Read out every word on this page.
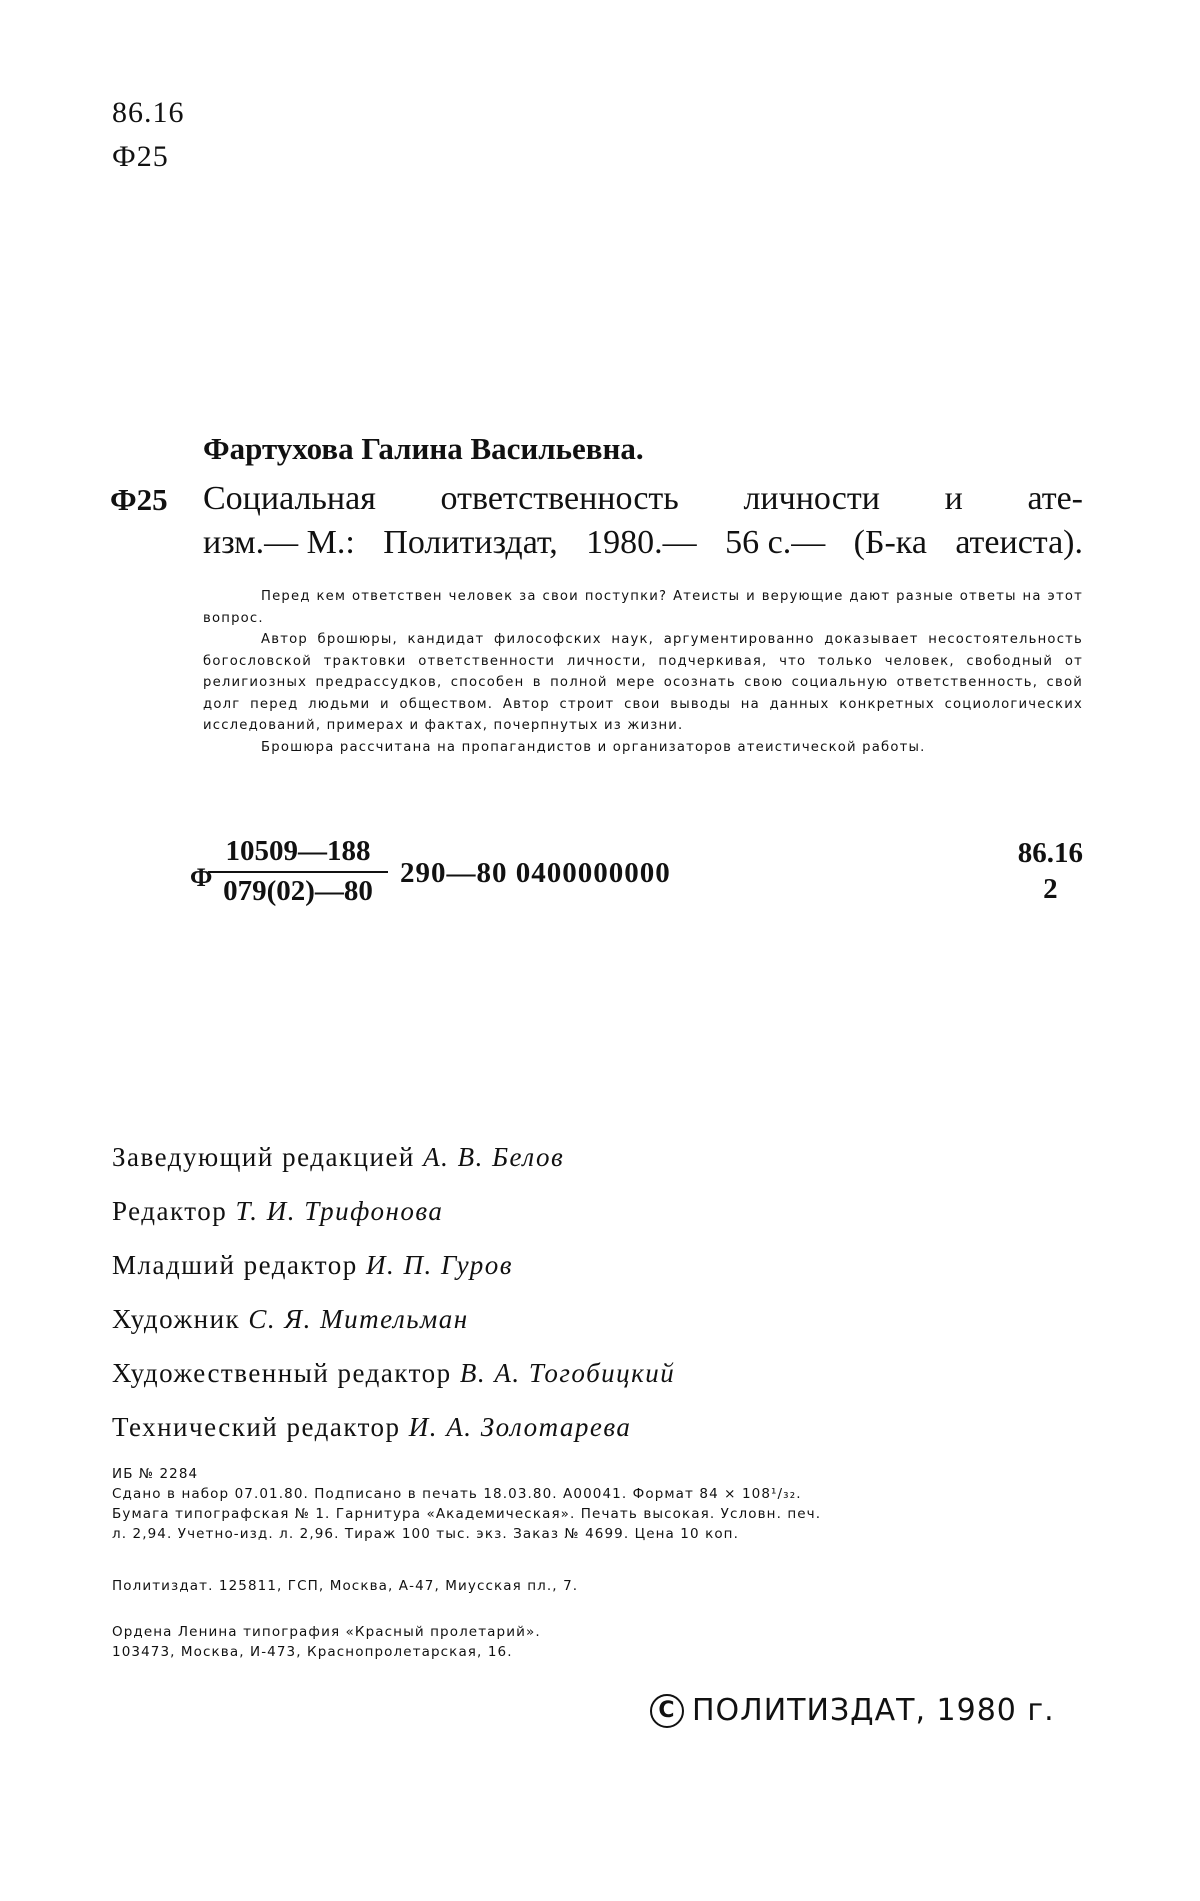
86.16
Ф25
Фартухова Галина Васильевна.
Ф25 Социальная ответственность личности и ате-
изм.— М.: Политиздат, 1980.— 56 с.— (Б-ка атеиста).

Перед кем ответствен человек за свои поступки? Атеисты и верующие дают разные ответы на этот вопрос.

Автор брошюры, кандидат философских наук, аргументированно доказывает несостоятельность богословской трактовки ответственности личности, подчеркивая, что только человек, свободный от религиозных предрассудков, способен в полной мере осознать свою социальную ответственность, свой долг перед людьми и обществом. Автор строит свои выводы на данных конкретных социологических исследований, примерах и фактах, почерпнутых из жизни.

Брошюра рассчитана на пропагандистов и организаторов атеистической работы.

Ф
$\frac{10509—188}{079(02)—80}$ 290—80 0400000000
86.16
2
Заведующий редакцией А. В. Белов
Редактор Т. И. Трифонова
Младший редактор И. П. Гуров
Художник С. Я. Мительман
Художественный редактор В. А. Тогобицкий
Технический редактор И. А. Золотарева
ИБ № 2284
Сдано в набор 07.01.80. Подписано в печать 18.03.80. А00041. Формат 84 × 108¹/₃₂.
Бумага типографская № 1. Гарнитура «Академическая». Печать высокая. Условн. печ.
л. 2,94. Учетно-изд. л. 2,96. Тираж 100 тыс. экз. Заказ № 4699. Цена 10 коп.
Политиздат. 125811, ГСП, Москва, А-47, Миусская пл., 7.
Ордена Ленина типография «Красный пролетарий».
103473, Москва, И-473, Краснопролетарская, 16.
C ПОЛИТИЗДАТ, 1980 г.
